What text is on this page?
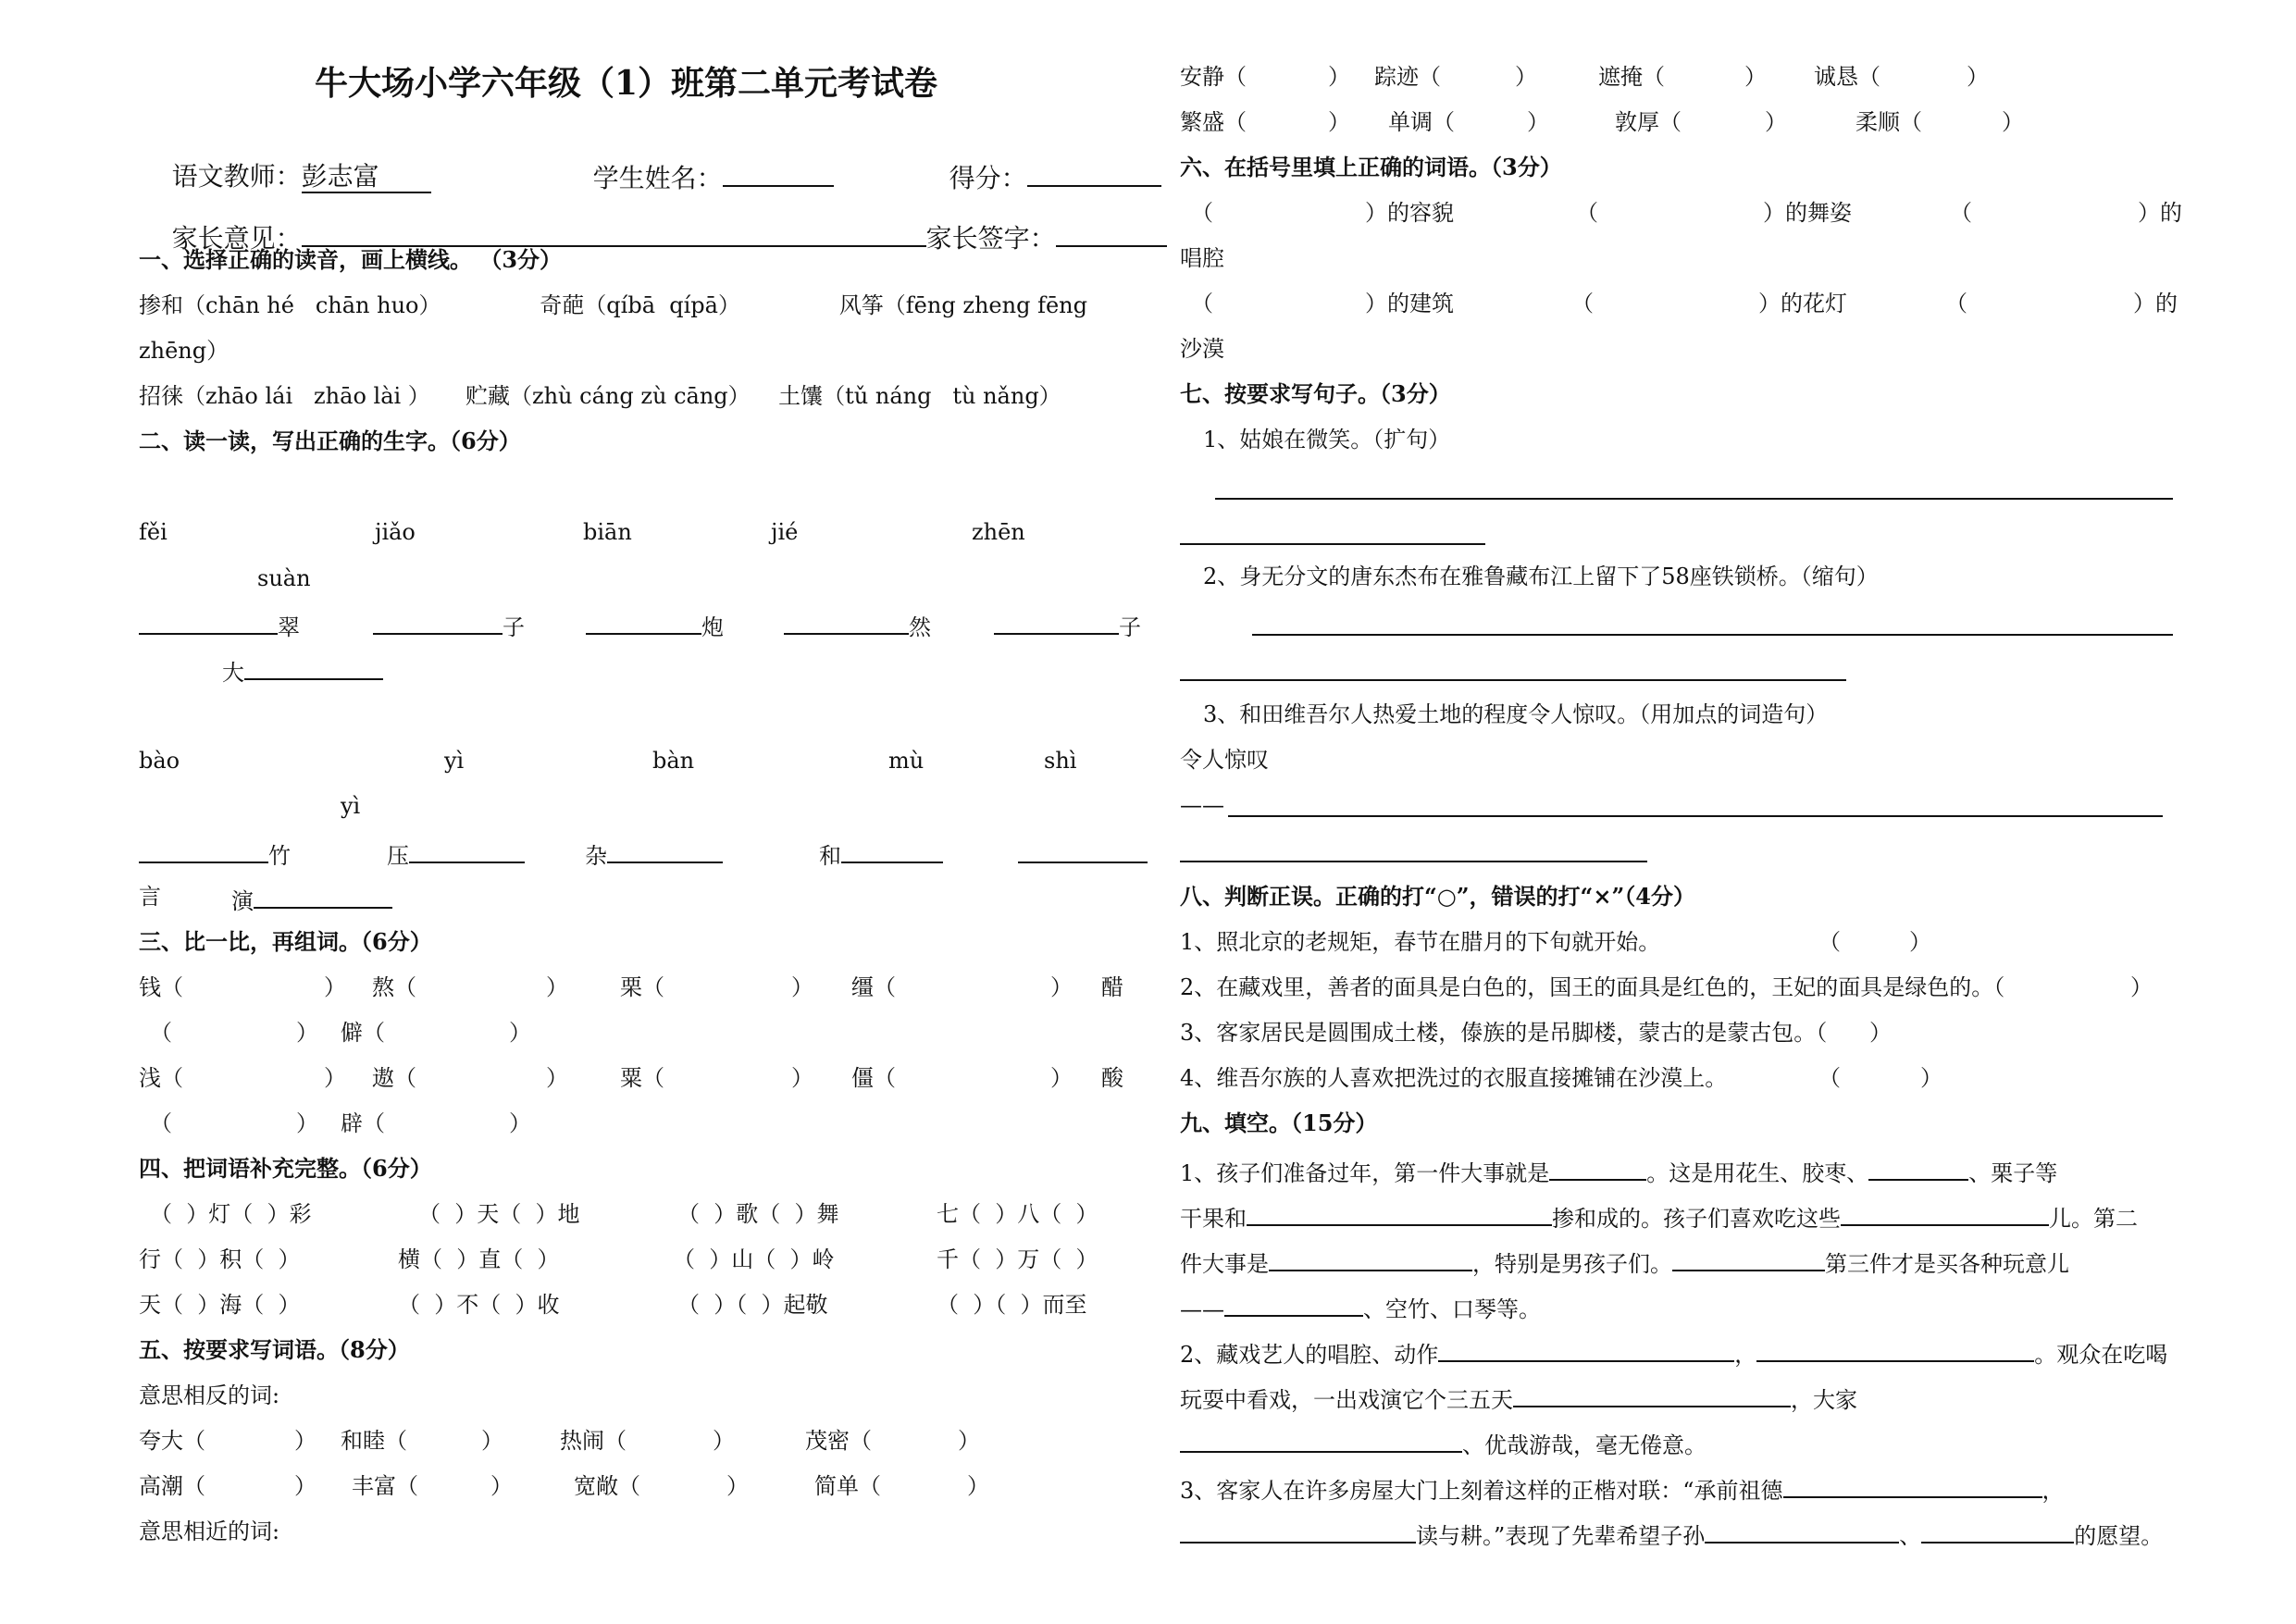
牛大场小学六年级（1）班第二单元考试卷

语文教师：彭志富
	学生姓名：
	得分：

家长意见：	家长签字：

一、选择正确的读音，画上横线。 （3分）
掺和（chān hé   chān huo）              奇葩（qíbā  qípā）              风筝（fēng zheng fēng
zhēng）
招徕（zhāo lái   zhāo lài ）     贮藏（zhù cáng zù cāng）    土馕（tǔ náng   tù nǎng）
二、读一读，写出正确的生字。（6分）
fěi	jiǎo	biān	jié	zhēn
suàn
翠	子	炮	然	子
大
bào	yì	bàn	mù	shì
yì
竹	压	杂	和
言	演
三、比一比，再组词。（6分）
钱（	） 熬（	） 栗（	） 缰（	） 醋
（	） 僻（	）
浅（	） 遨（	） 粟（	） 僵（	） 酸
（	） 辟（	）
四、把词语补充完整。（6分）
（  ）灯（  ）彩	（  ）天（  ）地	（  ）歌（  ）舞	七（  ）八（  ）
行（  ）积（  ）	横（  ）直（  ）	（  ）山（  ）岭	千（  ）万（  ）
天（  ）海（  ）	（  ）不（  ）收	（  ）（  ）起敬	（  ）（  ）而至
五、按要求写词语。（8分）
意思相反的词:
夸大（	） 和睦（	）	热闹（	）	茂密（	）
高潮（	） 丰富（	）	宽敞（	）	简单（	）
意思相近的词:
安静（	） 踪迹（	）	遮掩（	） 诚恳（	）
繁盛（	） 单调（	）	敦厚（	）	柔顺（	）
六、在括号里填上正确的词语。（3分）
（	）的容貌	（	）的舞姿	（	）的
唱腔
（	）的建筑	（	）的花灯	（	）的
沙漠
七、按要求写句子。（3分）
1、姑娘在微笑。（扩句）
2、身无分文的唐东杰布在雅鲁藏布江上留下了58座铁锁桥。（缩句）
3、和田维吾尔人热爱土地的程度令人惊叹。（用加点的词造句）
令人惊叹
——
八、判断正误。正确的打“○”，错误的打“×”（4分）
1、照北京的老规矩，春节在腊月的下旬就开始。	（	）
2、在藏戏里，善者的面具是白色的，国王的面具是红色的，王妃的面具是绿色的。（	）
3、客家居民是圆围成土楼，傣族的是吊脚楼，蒙古的是蒙古包。（      ）
4、维吾尔族的人喜欢把洗过的衣服直接摊铺在沙漠上。	（	）
九、填空。（15分）
1、孩子们准备过年，第一件大事就是	。这是用花生、胶枣、	、栗子等
干果和	掺和成的。孩子们喜欢吃这些	儿。第二
件大事是	，特别是男孩子们。	第三件才是买各种玩意儿
——	、空竹、口琴等。
2、藏戏艺人的唱腔、动作	，	。观众在吃喝
玩耍中看戏，一出戏演它个三五天	，大家
、优哉游哉，毫无倦意。
3、客家人在许多房屋大门上刻着这样的正楷对联：“承前祖德	，
读与耕。”表现了先辈希望子孙	、	的愿望。
